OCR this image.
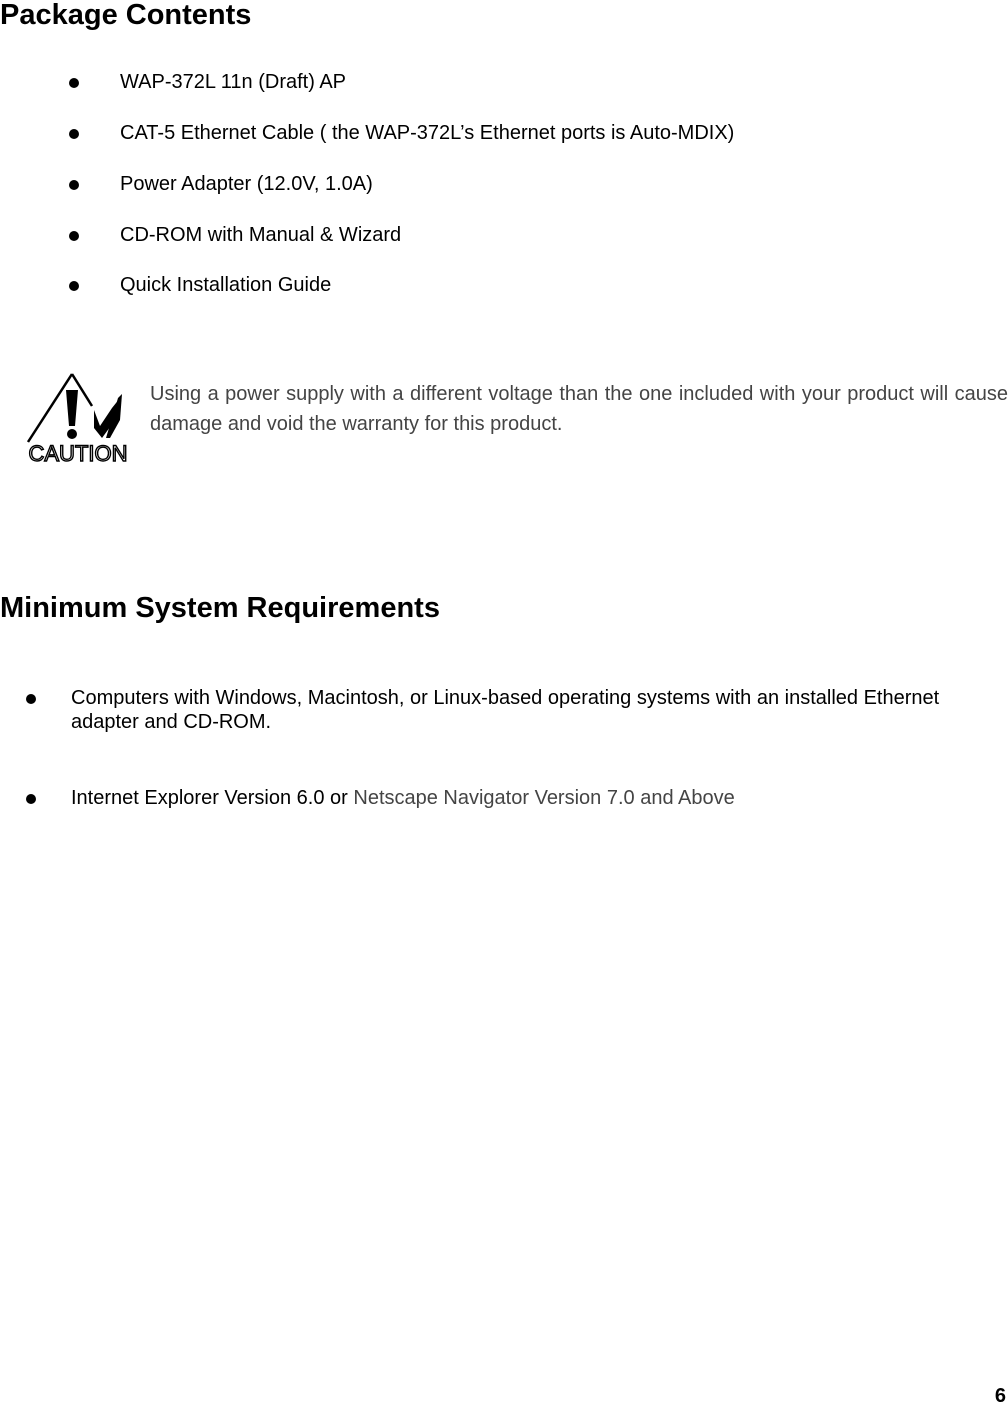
Package Contents
WAP-372L 11n (Draft) AP
CAT-5 Ethernet Cable ( the WAP-372L’s Ethernet ports is Auto-MDIX)
Power Adapter (12.0V, 1.0A)
CD-ROM with Manual & Wizard
Quick Installation Guide
CAUTION
Using a power supply with a different voltage than the one included with your product will cause damage and void the warranty for this product.
Minimum System Requirements
Computers with Windows, Macintosh, or Linux-based operating systems with an installed Ethernet adapter and CD-ROM.
Internet Explorer Version 6.0 or Netscape Navigator Version 7.0 and Above
6
